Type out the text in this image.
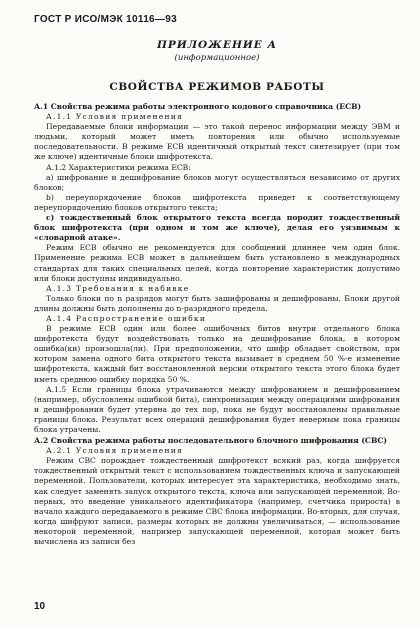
ГОСТ Р ИСО/МЭК 10116—93
ПРИЛОЖЕНИЕ А
(информационное)
СВОЙСТВА РЕЖИМОВ РАБОТЫ

А.1 Свойства режима работы электронного кодового справочника (ЕСВ)

А.1.1 Условия применения

Передаваемые блоки информации — это такой перенос информации между ЭВМ и людьми, который может иметь повторения или обычно используемые последовательности. В режиме ЕСВ идентичный открытый текст синтезирует (при том же ключе) идентичные блоки шифротекста.

А.1.2 Характеристики режима ЕСВ:

а) шифрование и дешифрование блоков могут осуществляться независимо от других блоков;

b) переупорядочение блоков шифротекста приведет к соответствующему переупорядочению блоков открытого текста;

с) тождественный блок открытого текста всегда породит тождественный блок шифротекста (при одном и том же ключе), делая его уязвимым к «словарной атаке».

Режим ЕСВ обычно не рекомендуется для сообщений длиннее чем один блок. Применение режима ЕСВ может в дальнейшем быть установлено в международных стандартах для таких специальных целей, когда повторение характеристик допустимо или блоки доступны индивидуально.

А.1.3 Требования к набивке

Только блоки по n разрядов могут быть зашифрованы и дешифрованы. Блоки другой длины должны быть дополнены до n-разрядного предела.

А.1.4 Распространение ошибки

В режиме ЕСВ один или более ошибочных битов внутри отдельного блока шифротекста будут воздействовать только на дешифрование блока, в котором ошибка(ки) произошла(ли). При предположении, что шифр обладает свойством, при котором замена одного бита открытого текста вызывает в среднем 50 %-е изменение шифротекста, каждый бит восстановленной версии открытого текста этого блока будет иметь среднюю ошибку порядка 50 %.

А.1.5 Если границы блока утрачиваются между шифрованием и дешифрованием (например, обусловлены ошибкой бита), синхронизация между операциями шифрования и дешифрования будет утеряна до тех пор, пока не будут восстановлены правильные границы блока. Результат всех операций дешифрования будет неверным пока границы блока утрачены.

А.2 Свойства режима работы последовательного блочного шифрования (СВС)

А.2.1 Условия применения

Режим СВС порождает тождественный шифротекст всякий раз, когда шифруется тождественный открытый текст с использованием тождественных ключа и запускающей переменной. Пользователи, которых интересует эта характеристика, необходимо знать, как следует заменять запуск открытого текста, ключа или запускающей переменной. Во-первых, это введение уникального идентификатора (например, счетчика прироста) в начало каждого передаваемого в режиме СВС блока информации. Во-вторых, для случая, когда шифруют записи, размеры которых не должны увеличиваться, — использование некоторой переменной, например запускающей переменной, которая может быть вычислена из записи без

10
